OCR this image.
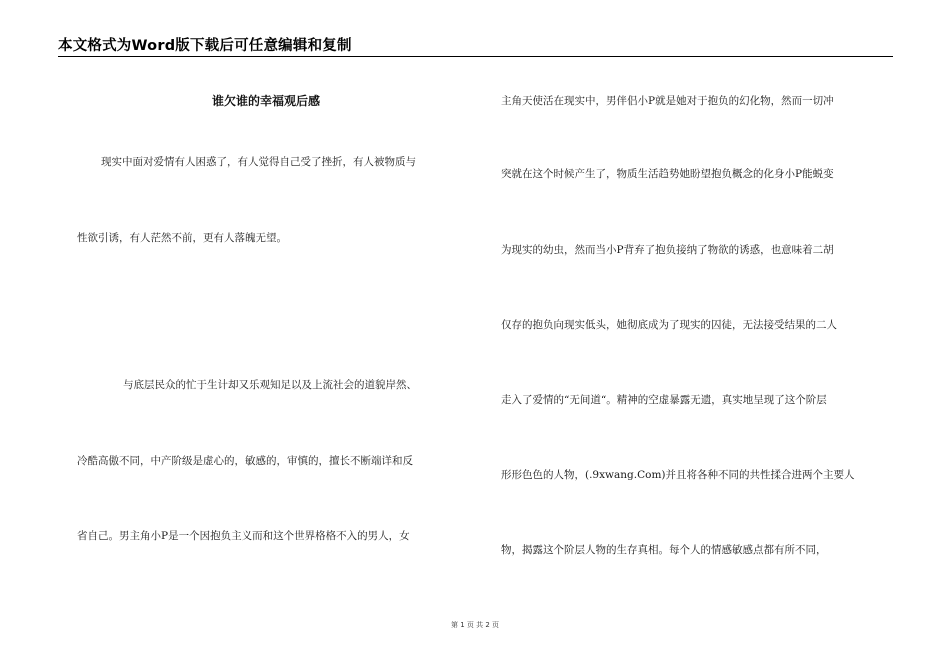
本文格式为Word版下载后可任意编辑和复制
谁欠谁的幸福观后感
现实中面对爱情有人困惑了，有人觉得自己受了挫折，有人被物质与
性欲引诱，有人茫然不前，更有人落魄无望。
与底层民众的忙于生计却又乐观知足以及上流社会的道貌岸然、
冷酷高傲不同，中产阶级是虚心的，敏感的，审慎的，擅长不断端详和反
省自己。男主角小P是一个因抱负主义而和这个世界格格不入的男人，女
主角天使活在现实中，男伴侣小P就是她对于抱负的幻化物，然而一切冲
突就在这个时候产生了，物质生活趋势她盼望抱负概念的化身小P能蜕变
为现实的幼虫，然而当小P背弃了抱负接纳了物欲的诱惑，也意味着二胡
仅存的抱负向现实低头，她彻底成为了现实的囚徒，无法接受结果的二人
走入了爱情的“无间道“。精神的空虚暴露无遗，真实地呈现了这个阶层
形形色色的人物，(.9xwang.Com)并且将各种不同的共性揉合进两个主要人
物，揭露这个阶层人物的生存真相。每个人的情感敏感点都有所不同，
第 1 页 共 2 页
